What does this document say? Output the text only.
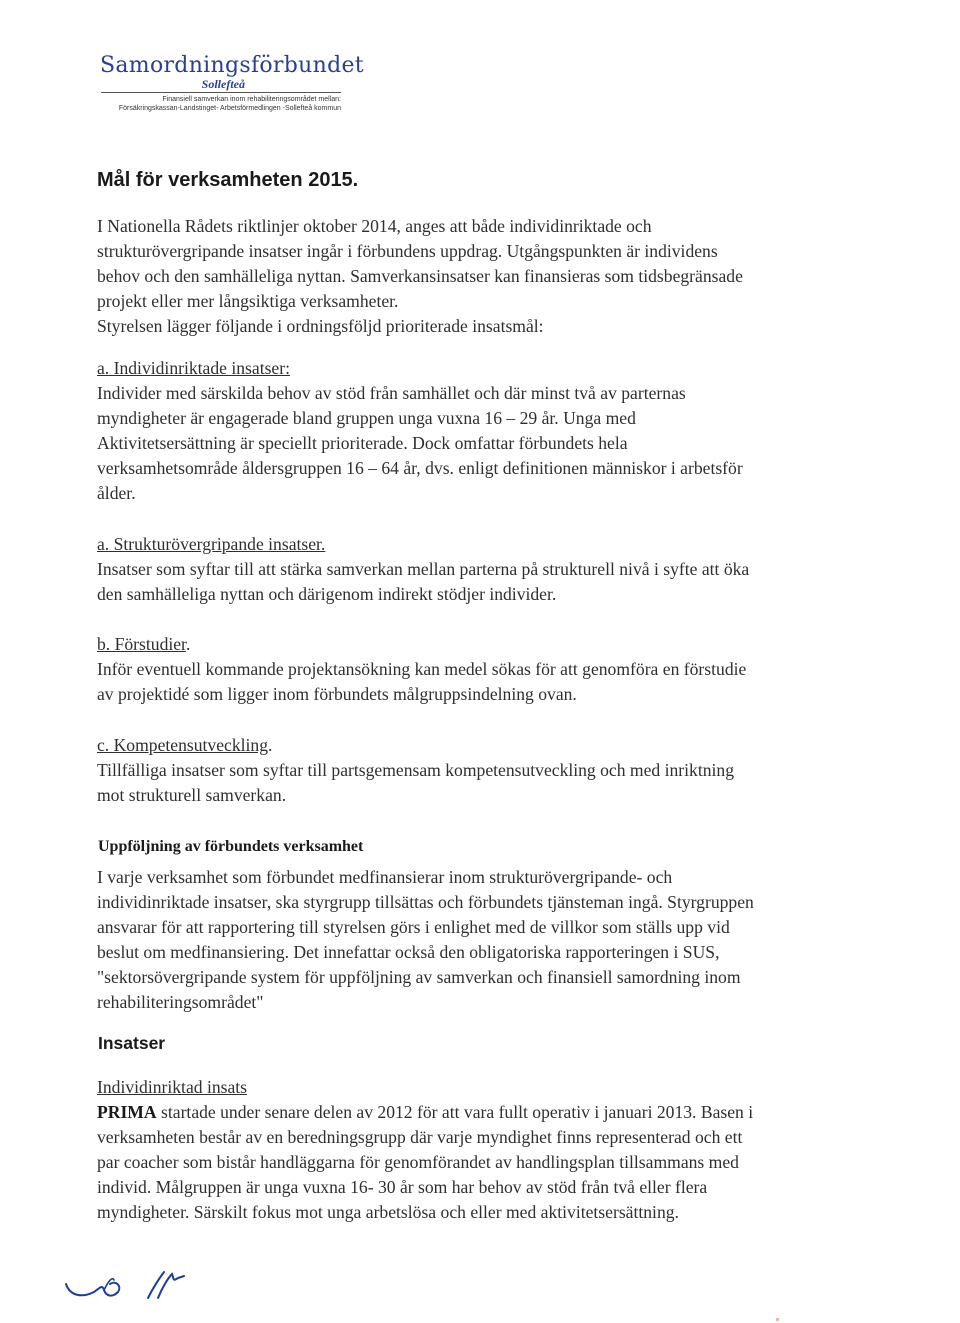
Samordningsförbundet
Sollefteå
Finansiell samverkan inom rehabiliteringsområdet mellan:
Försäkringskassan-Landstinget- Arbetsförmedlingen -Sollefteå kommun
Mål för verksamheten 2015.

I Nationella Rådets riktlinjer oktober 2014, anges att både individinriktade och

strukturövergripande insatser ingår i förbundens uppdrag. Utgångspunkten är individens

behov och den samhälleliga nyttan. Samverkansinsatser kan finansieras som tidsbegränsade

projekt eller mer långsiktiga verksamheter.

Styrelsen lägger följande i ordningsföljd prioriterade insatsmål:

a. Individinriktade insatser:

Individer med särskilda behov av stöd från samhället och där minst två av parternas

myndigheter är engagerade bland gruppen unga vuxna 16 – 29 år. Unga med

Aktivitetsersättning är speciellt prioriterade. Dock omfattar förbundets hela

verksamhetsområde åldersgruppen 16 – 64 år, dvs. enligt definitionen människor i arbetsför

ålder.

a. Strukturövergripande insatser.

Insatser som syftar till att stärka samverkan mellan parterna på strukturell nivå i syfte att öka

den samhälleliga nyttan och därigenom indirekt stödjer individer.

b. Förstudier.

Inför eventuell kommande projektansökning kan medel sökas för att genomföra en förstudie

av projektidé som ligger inom förbundets målgruppsindelning ovan.

c. Kompetensutveckling.

Tillfälliga insatser som syftar till partsgemensam kompetensutveckling och med inriktning

mot strukturell samverkan.

Uppföljning av förbundets verksamhet

I varje verksamhet som förbundet medfinansierar inom strukturövergripande- och

individinriktade insatser, ska styrgrupp tillsättas och förbundets tjänsteman ingå. Styrgruppen

ansvarar för att rapportering till styrelsen görs i enlighet med de villkor som ställs upp vid

beslut om medfinansiering. Det innefattar också den obligatoriska rapporteringen i SUS,

"sektorsövergripande system för uppföljning av samverkan och finansiell samordning inom

rehabiliteringsområdet"

Insatser

Individinriktad insats

PRIMA startade under senare delen av 2012 för att vara fullt operativ i januari 2013. Basen i

verksamheten består av en beredningsgrupp där varje myndighet finns representerad och ett

par coacher som bistår handläggarna för genomförandet av handlingsplan tillsammans med

individ. Målgruppen är unga vuxna 16- 30 år som har behov av stöd från två eller flera

myndigheter. Särskilt fokus mot unga arbetslösa och eller med aktivitetsersättning.
